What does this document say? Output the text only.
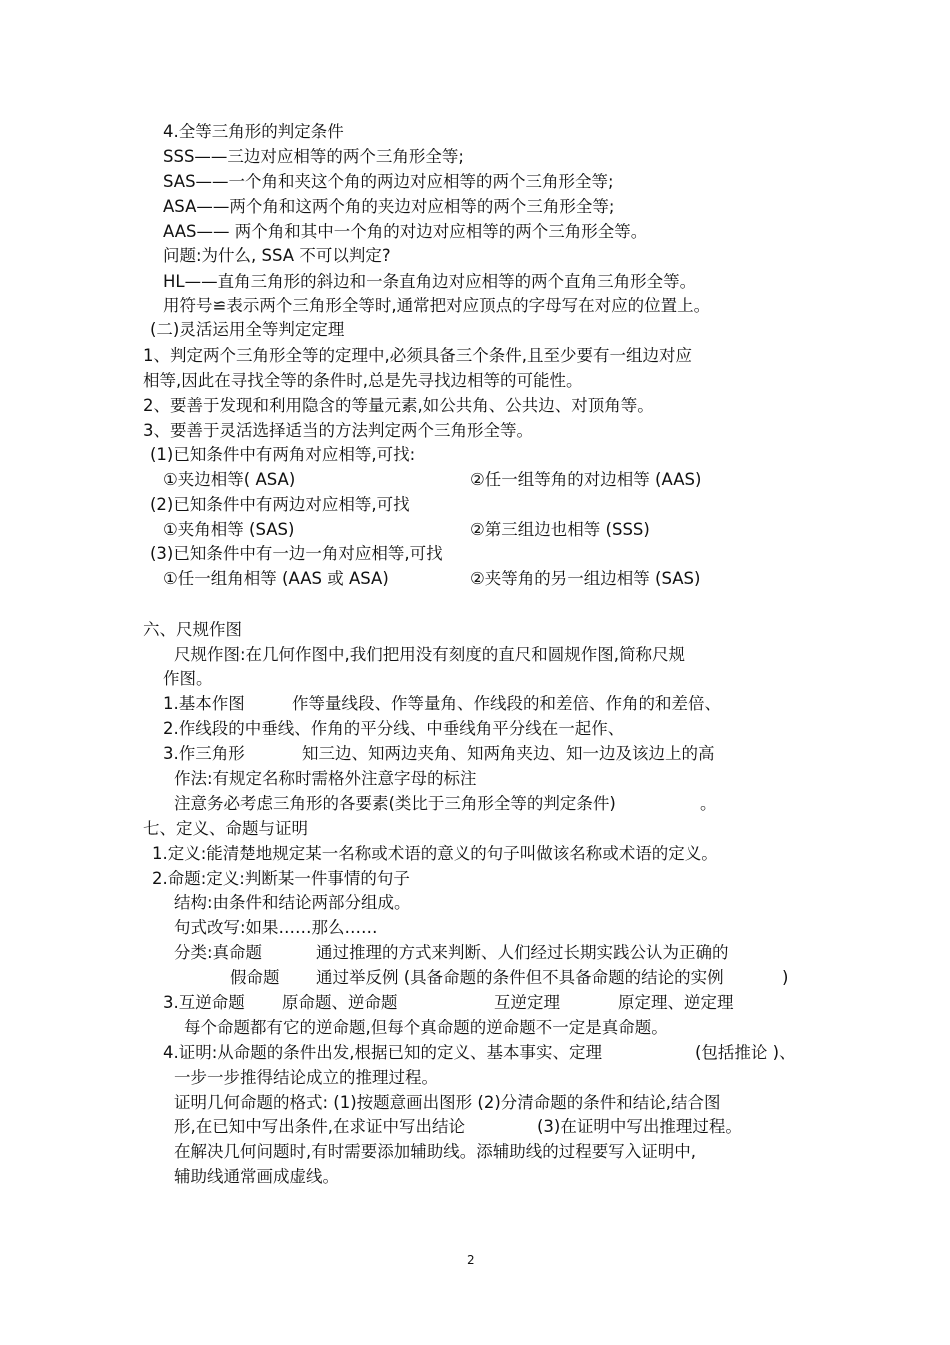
4.全等三角形的判定条件
SSS——三边对应相等的两个三角形全等;
SAS——一个角和夹这个角的两边对应相等的两个三角形全等;
ASA——两个角和这两个角的夹边对应相等的两个三角形全等;
AAS—— 两个角和其中一个角的对边对应相等的两个三角形全等。
问题:为什么, SSA 不可以判定?
HL——直角三角形的斜边和一条直角边对应相等的两个直角三角形全等。
用符号≌表示两个三角形全等时,通常把对应顶点的字母写在对应的位置上。
(二)灵活运用全等判定定理
1、判定两个三角形全等的定理中,必须具备三个条件,且至少要有一组边对应
相等,因此在寻找全等的条件时,总是先寻找边相等的可能性。
2、要善于发现和利用隐含的等量元素,如公共角、公共边、对顶角等。
3、要善于灵活选择适当的方法判定两个三角形全等。
(1)已知条件中有两角对应相等,可找:
①夹边相等( ASA)	②任一组等角的对边相等 (AAS)
(2)已知条件中有两边对应相等,可找
①夹角相等 (SAS)	②第三组边也相等 (SSS)
(3)已知条件中有一边一角对应相等,可找
①任一组角相等 (AAS 或 ASA)	②夹等角的另一组边相等 (SAS)
六、尺规作图
尺规作图:在几何作图中,我们把用没有刻度的直尺和圆规作图,简称尺规
作图。
1.基本作图	作等量线段、作等量角、作线段的和差倍、作角的和差倍、
2.作线段的中垂线、作角的平分线、中垂线角平分线在一起作、
3.作三角形	知三边、知两边夹角、知两角夹边、知一边及该边上的高
作法:有规定名称时需格外注意字母的标注
注意务必考虑三角形的各要素(类比于三角形全等的判定条件)	。
七、定义、命题与证明
1.定义:能清楚地规定某一名称或术语的意义的句子叫做该名称或术语的定义。
2.命题:定义:判断某一件事情的句子
结构:由条件和结论两部分组成。
句式改写:如果……那么……
分类:真命题	通过推理的方式来判断、人们经过长期实践公认为正确的
假命题 通过举反例 (具备命题的条件但不具备命题的结论的实例	)
3.互逆命题 原命题、逆命题	互逆定理	原定理、逆定理
每个命题都有它的逆命题,但每个真命题的逆命题不一定是真命题。
4.证明:从命题的条件出发,根据已知的定义、基本事实、定理	(包括推论 )、
一步一步推得结论成立的推理过程。
证明几何命题的格式: (1)按题意画出图形 (2)分清命题的条件和结论,结合图
形,在已知中写出条件,在求证中写出结论	(3)在证明中写出推理过程。
在解决几何问题时,有时需要添加辅助线。添辅助线的过程要写入证明中,
辅助线通常画成虚线。
2
